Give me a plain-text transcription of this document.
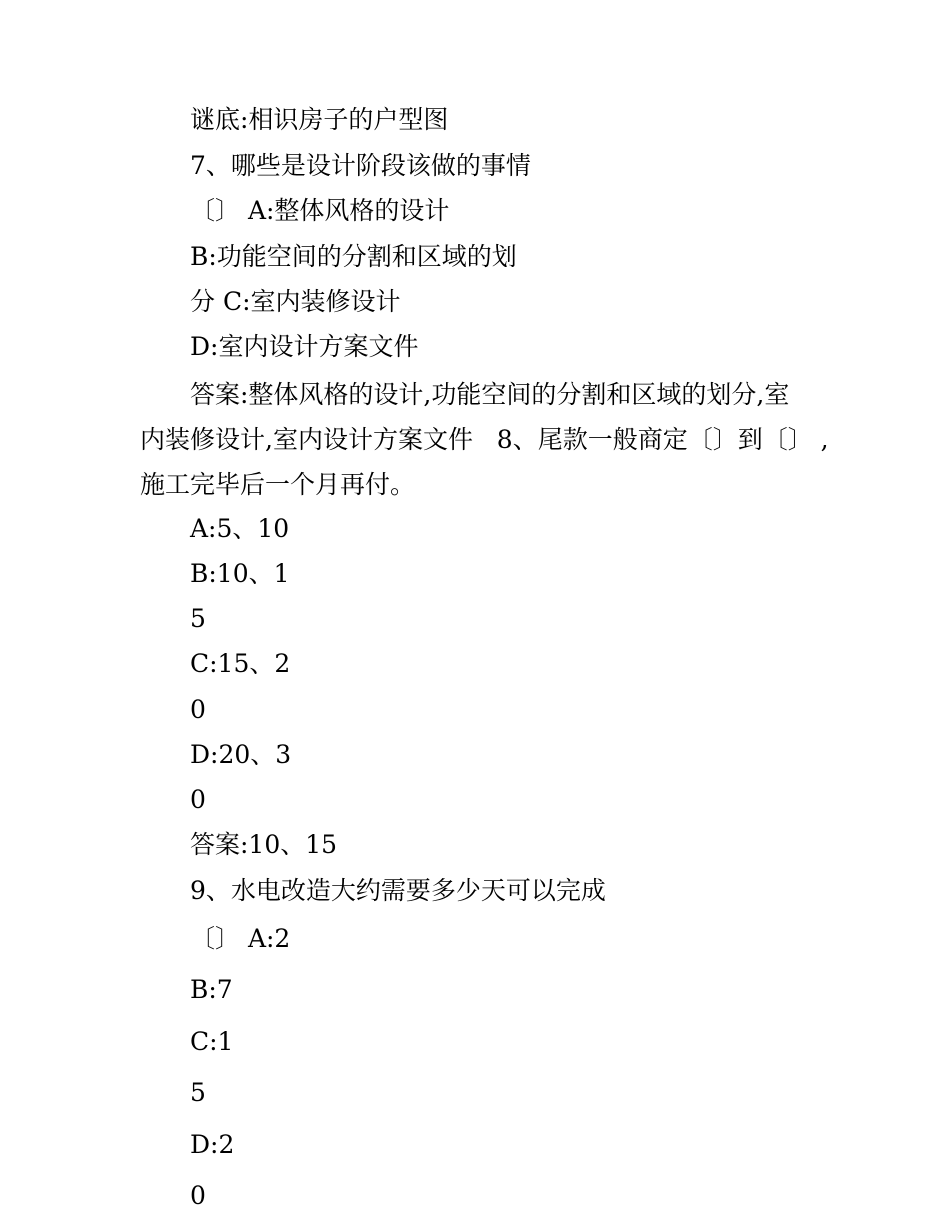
谜底:相识房子的户型图
7、哪些是设计阶段该做的事情
〔〕 A:整体风格的设计
B:功能空间的分割和区域的划
分 C:室内装修设计
D:室内设计方案文件
答案:整体风格的设计,功能空间的分割和区域的划分,室
内装修设计,室内设计方案文件   8、尾款一般商定〔〕到〔〕 ,
施工完毕后一个月再付。
A:5、10
B:10、1
5
C:15、2
0
D:20、3
0
答案:10、15
9、水电改造大约需要多少天可以完成
〔〕 A:2
B:7
C:1
5
D:2
0
